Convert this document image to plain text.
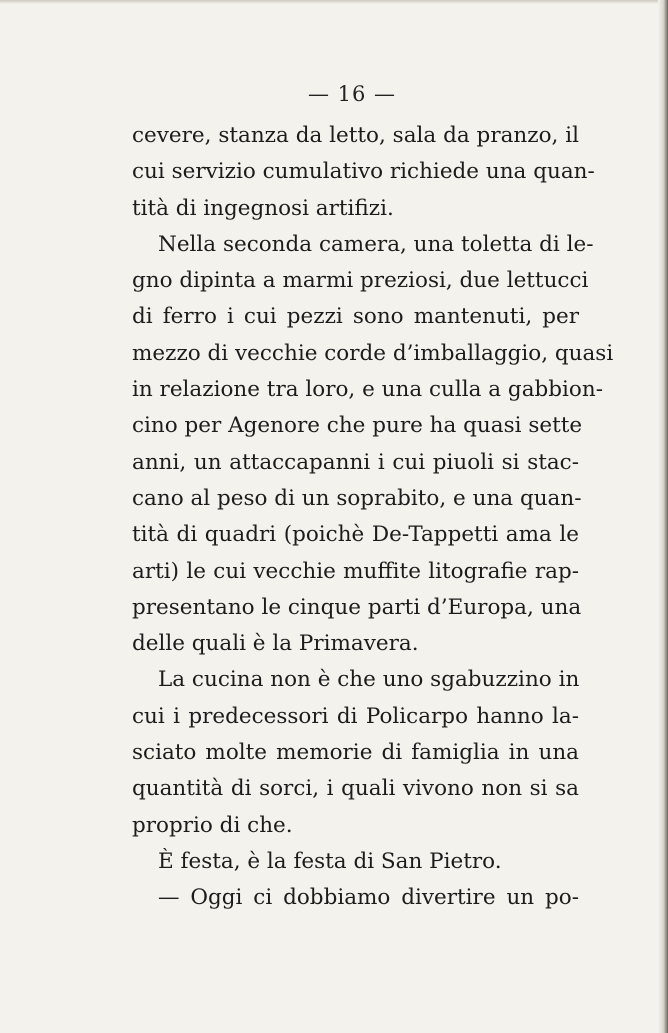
— 16 —
cevere, stanza da letto, sala da pranzo, il
cui servizio cumulativo richiede una quan-
tità di ingegnosi artifizi.
Nella seconda camera, una toletta di le-
gno dipinta a marmi preziosi, due lettucci
di ferro i cui pezzi sono mantenuti, per
mezzo di vecchie corde d’imballaggio, quasi
in relazione tra loro, e una culla a gabbion-
cino per Agenore che pure ha quasi sette
anni, un attaccapanni i cui piuoli si stac-
cano al peso di un soprabito, e una quan-
tità di quadri (poichè De-Tappetti ama le
arti) le cui vecchie muffite litografie rap-
presentano le cinque parti d’Europa, una
delle quali è la Primavera.
La cucina non è che uno sgabuzzino in
cui i predecessori di Policarpo hanno la-
sciato molte memorie di famiglia in una
quantità di sorci, i quali vivono non si sa
proprio di che.
È festa, è la festa di San Pietro.
— Oggi ci dobbiamo divertire un po-
